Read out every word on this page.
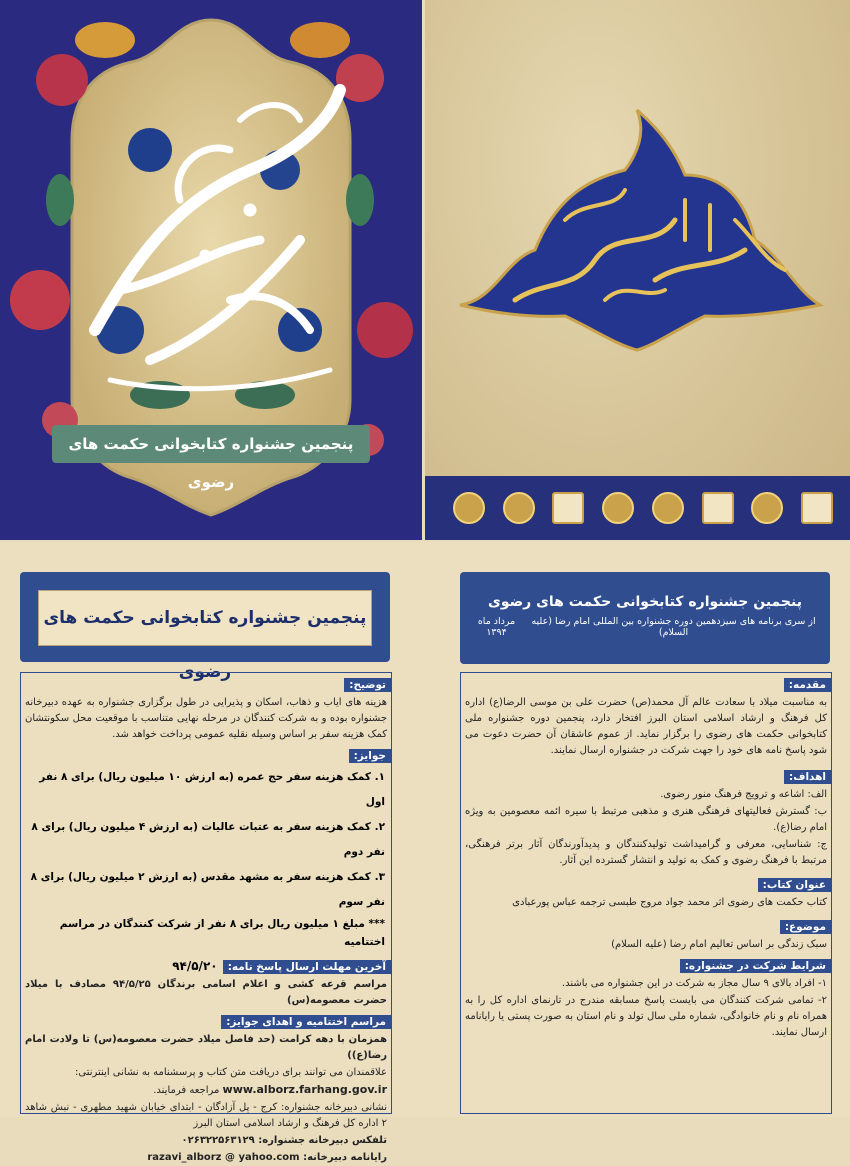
پنجمین جشنواره کتابخوانی حکمت های رضوی
پنجمین جشنواره کتابخوانی حکمت های رضوی
توضیح:
هزینه های ایاب و ذهاب، اسکان و پذیرایی در طول برگزاری جشنواره به عهده دبیرخانه جشنواره بوده و به شرکت کنندگان در مرحله نهایی متناسب با موقعیت محل سکونتشان کمک هزینه سفر بر اساس وسیله نقلیه عمومی پرداخت خواهد شد.
جوایز:
۱. کمک هزینه سفر حج عمره (به ارزش ۱۰ میلیون ریال) برای ۸ نفر اول
۲. کمک هزینه سفر به عتبات عالیات (به ارزش ۴ میلیون ریال) برای ۸ نفر دوم
۳. کمک هزینه سفر به مشهد مقدس (به ارزش ۲ میلیون ریال) برای ۸ نفر سوم
*** مبلغ ۱ میلیون ریال برای ۸ نفر از شرکت کنندگان در مراسم اختتامیه
آخرین مهلت ارسال پاسخ نامه: ۹۴/۵/۲۰
مراسم قرعه کشی و اعلام اسامی برندگان ۹۴/۵/۲۵ مصادف با میلاد حضرت معصومه(س)
مراسم اختتامیه و اهدای جوایز:
همزمان با دهه کرامت (حد فاصل میلاد حضرت معصومه(س) تا ولادت امام رضا(ع))
علاقمندان می توانند برای دریافت متن کتاب و پرسشنامه به نشانی اینترنتی:
www.alborz.farhang.gov.ir مراجعه فرمایند.
نشانی دبیرخانه جشنواره: کرج - پل آزادگان - ابتدای خیابان شهید مطهری - نبش شاهد ۲ اداره کل فرهنگ و ارشاد اسلامی استان البرز
تلفکس دبیرخانه جشنواره: ۰۲۶۳۲۲۵۶۳۱۲۹
رایانامه دبیرخانه: razavi_alborz @ yahoo.com
پنجمین جشنواره کتابخوانی حکمت های رضوی
از سری برنامه های سیزدهمین دوره جشنواره بین المللی امام رضا (علیه السلام)
مرداد ماه ۱۳۹۴
مقدمه:
به مناسبت میلاد با سعادت عالم آل محمد(ص) حضرت علی بن موسی الرضا(ع) اداره کل فرهنگ و ارشاد اسلامی استان البرز افتخار دارد، پنجمین دوره جشنواره ملی کتابخوانی حکمت های رضوی را برگزار نماید. از عموم عاشقان آن حضرت دعوت می شود پاسخ نامه های خود را جهت شرکت در جشنواره ارسال نمایند.
اهداف:
الف: اشاعه و ترویج فرهنگ منور رضوی.
ب: گسترش فعالیتهای فرهنگی هنری و مذهبی مرتبط با سیره ائمه معصومین به ویژه امام رضا(ع).
ج: شناسایی، معرفی و گرامیداشت تولیدکنندگان و پدیدآورندگان آثار برتر فرهنگی، مرتبط با فرهنگ رضوی و کمک به تولید و انتشار گسترده این آثار.
عنوان کتاب:
کتاب حکمت های رضوی اثر محمد جواد مروج طبسی ترجمه عباس پورعبادی
موضوع:
سبک زندگی بر اساس تعالیم امام رضا (علیه السلام)
شرایط شرکت در جشنواره:
۱- افراد بالای ۹ سال مجاز به شرکت در این جشنواره می باشند.
۲- تمامی شرکت کنندگان می بایست پاسخ مسابقه مندرج در تارنمای اداره کل را به همراه نام و نام خانوادگی، شماره ملی سال تولد و نام استان به صورت پستی یا رایانامه ارسال نمایند.
